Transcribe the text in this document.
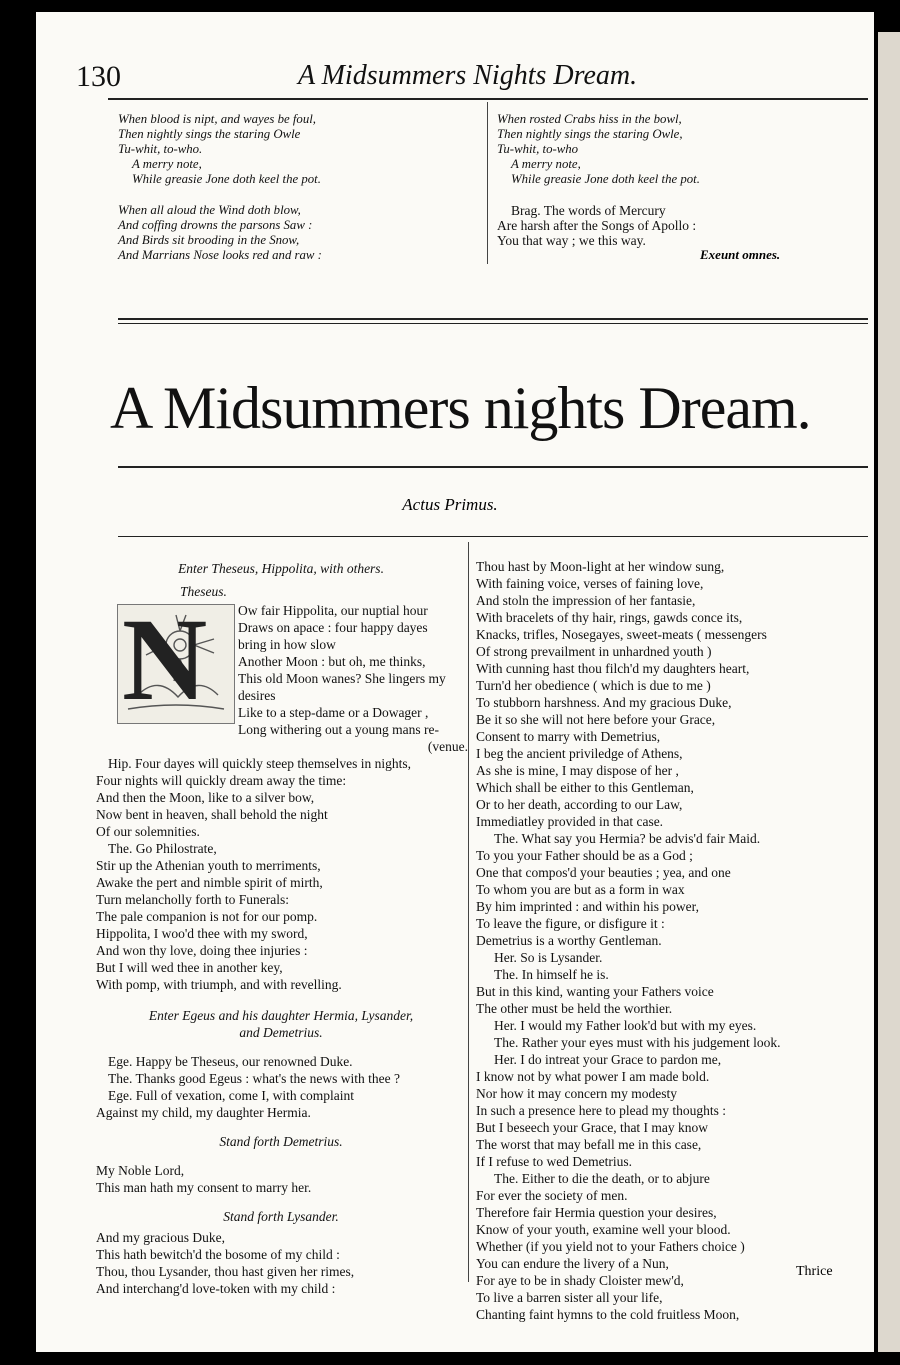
130	A Midsummers Nights Dream.
When blood is nipt, and wayes be foul,
Then nightly sings the staring Owle
Tu-whit, to-who.
A merry note,
While greasie Jone doth keel the pot.
When all aloud the Wind doth blow,
And coffing drowns the parsons Saw :
And Birds sit brooding in the Snow,
And Marrians Nose looks red and raw :
When rosted Crabs hiss in the bowl,
Then nightly sings the staring Owle,
Tu-whit, to-who
A merry note,
While greasie Jone doth keel the pot.
Brag. The words of Mercury
Are harsh after the Songs of Apollo :
You that way ; we this way.
Exeunt omnes.
A Midsummers nights Dream.
Actus Primus.
Enter Theseus, Hippolita, with others.
Theseus.
N Ow fair Hippolita, our nuptial hour
Draws on apace : four happy dayes
bring in how slow
Another Moon : but oh, me thinks,
This old Moon wanes? She lingers my
desires
Like to a step-dame or a Dowager ,
Long withering out a young mans re-
(venue.
Hip. Four dayes will quickly steep themselves in nights,
Four nights will quickly dream away the time:
And then the Moon, like to a silver bow,
Now bent in heaven, shall behold the night
Of our solemnities.
The. Go Philostrate,
Stir up the Athenian youth to merriments,
Awake the pert and nimble spirit of mirth,
Turn melancholly forth to Funerals:
The pale companion is not for our pomp.
Hippolita, I woo'd thee with my sword,
And won thy love, doing thee injuries :
But I will wed thee in another key,
With pomp, with triumph, and with revelling.
Enter Egeus and his daughter Hermia, Lysander,
and Demetrius.
Ege. Happy be Theseus, our renowned Duke.
The. Thanks good Egeus : what's the news with thee ?
Ege. Full of vexation, come I, with complaint
Against my child, my daughter Hermia.
Stand forth Demetrius.
My Noble Lord,
This man hath my consent to marry her.
Stand forth Lysander.
And my gracious Duke,
This hath bewitch'd the bosome of my child :
Thou, thou Lysander, thou hast given her rimes,
And interchang'd love-token with my child :
Thou hast by Moon-light at her window sung,
With faining voice, verses of faining love,
And stoln the impression of her fantasie,
With bracelets of thy hair, rings, gawds conce its,
Knacks, trifles, Nosegayes, sweet-meats ( messengers
Of strong prevailment in unhardned youth )
With cunning hast thou filch'd my daughters heart,
Turn'd her obedience ( which is due to me )
To stubborn harshness. And my gracious Duke,
Be it so she will not here before your Grace,
Consent to marry with Demetrius,
I beg the ancient priviledge of Athens,
As she is mine, I may dispose of her ,
Which shall be either to this Gentleman,
Or to her death, according to our Law,
Immediatley provided in that case.
The. What say you Hermia? be advis'd fair Maid.
To you your Father should be as a God ;
One that compos'd your beauties ; yea, and one
To whom you are but as a form in wax
By him imprinted : and within his power,
To leave the figure, or disfigure it :
Demetrius is a worthy Gentleman.
Her. So is Lysander.
The. In himself he is.
But in this kind, wanting your Fathers voice
The other must be held the worthier.
Her. I would my Father look'd but with my eyes.
The. Rather your eyes must with his judgement look.
Her. I do intreat your Grace to pardon me,
I know not by what power I am made bold.
Nor how it may concern my modesty
In such a presence here to plead my thoughts :
But I beseech your Grace, that I may know
The worst that may befall me in this case,
If I refuse to wed Demetrius.
The. Either to die the death, or to abjure
For ever the society of men.
Therefore fair Hermia question your desires,
Know of your youth, examine well your blood.
Whether (if you yield not to your Fathers choice )
You can endure the livery of a Nun,
For aye to be in shady Cloister mew'd,
To live a barren sister all your life,
Chanting faint hymns to the cold fruitless Moon,
Thrice
